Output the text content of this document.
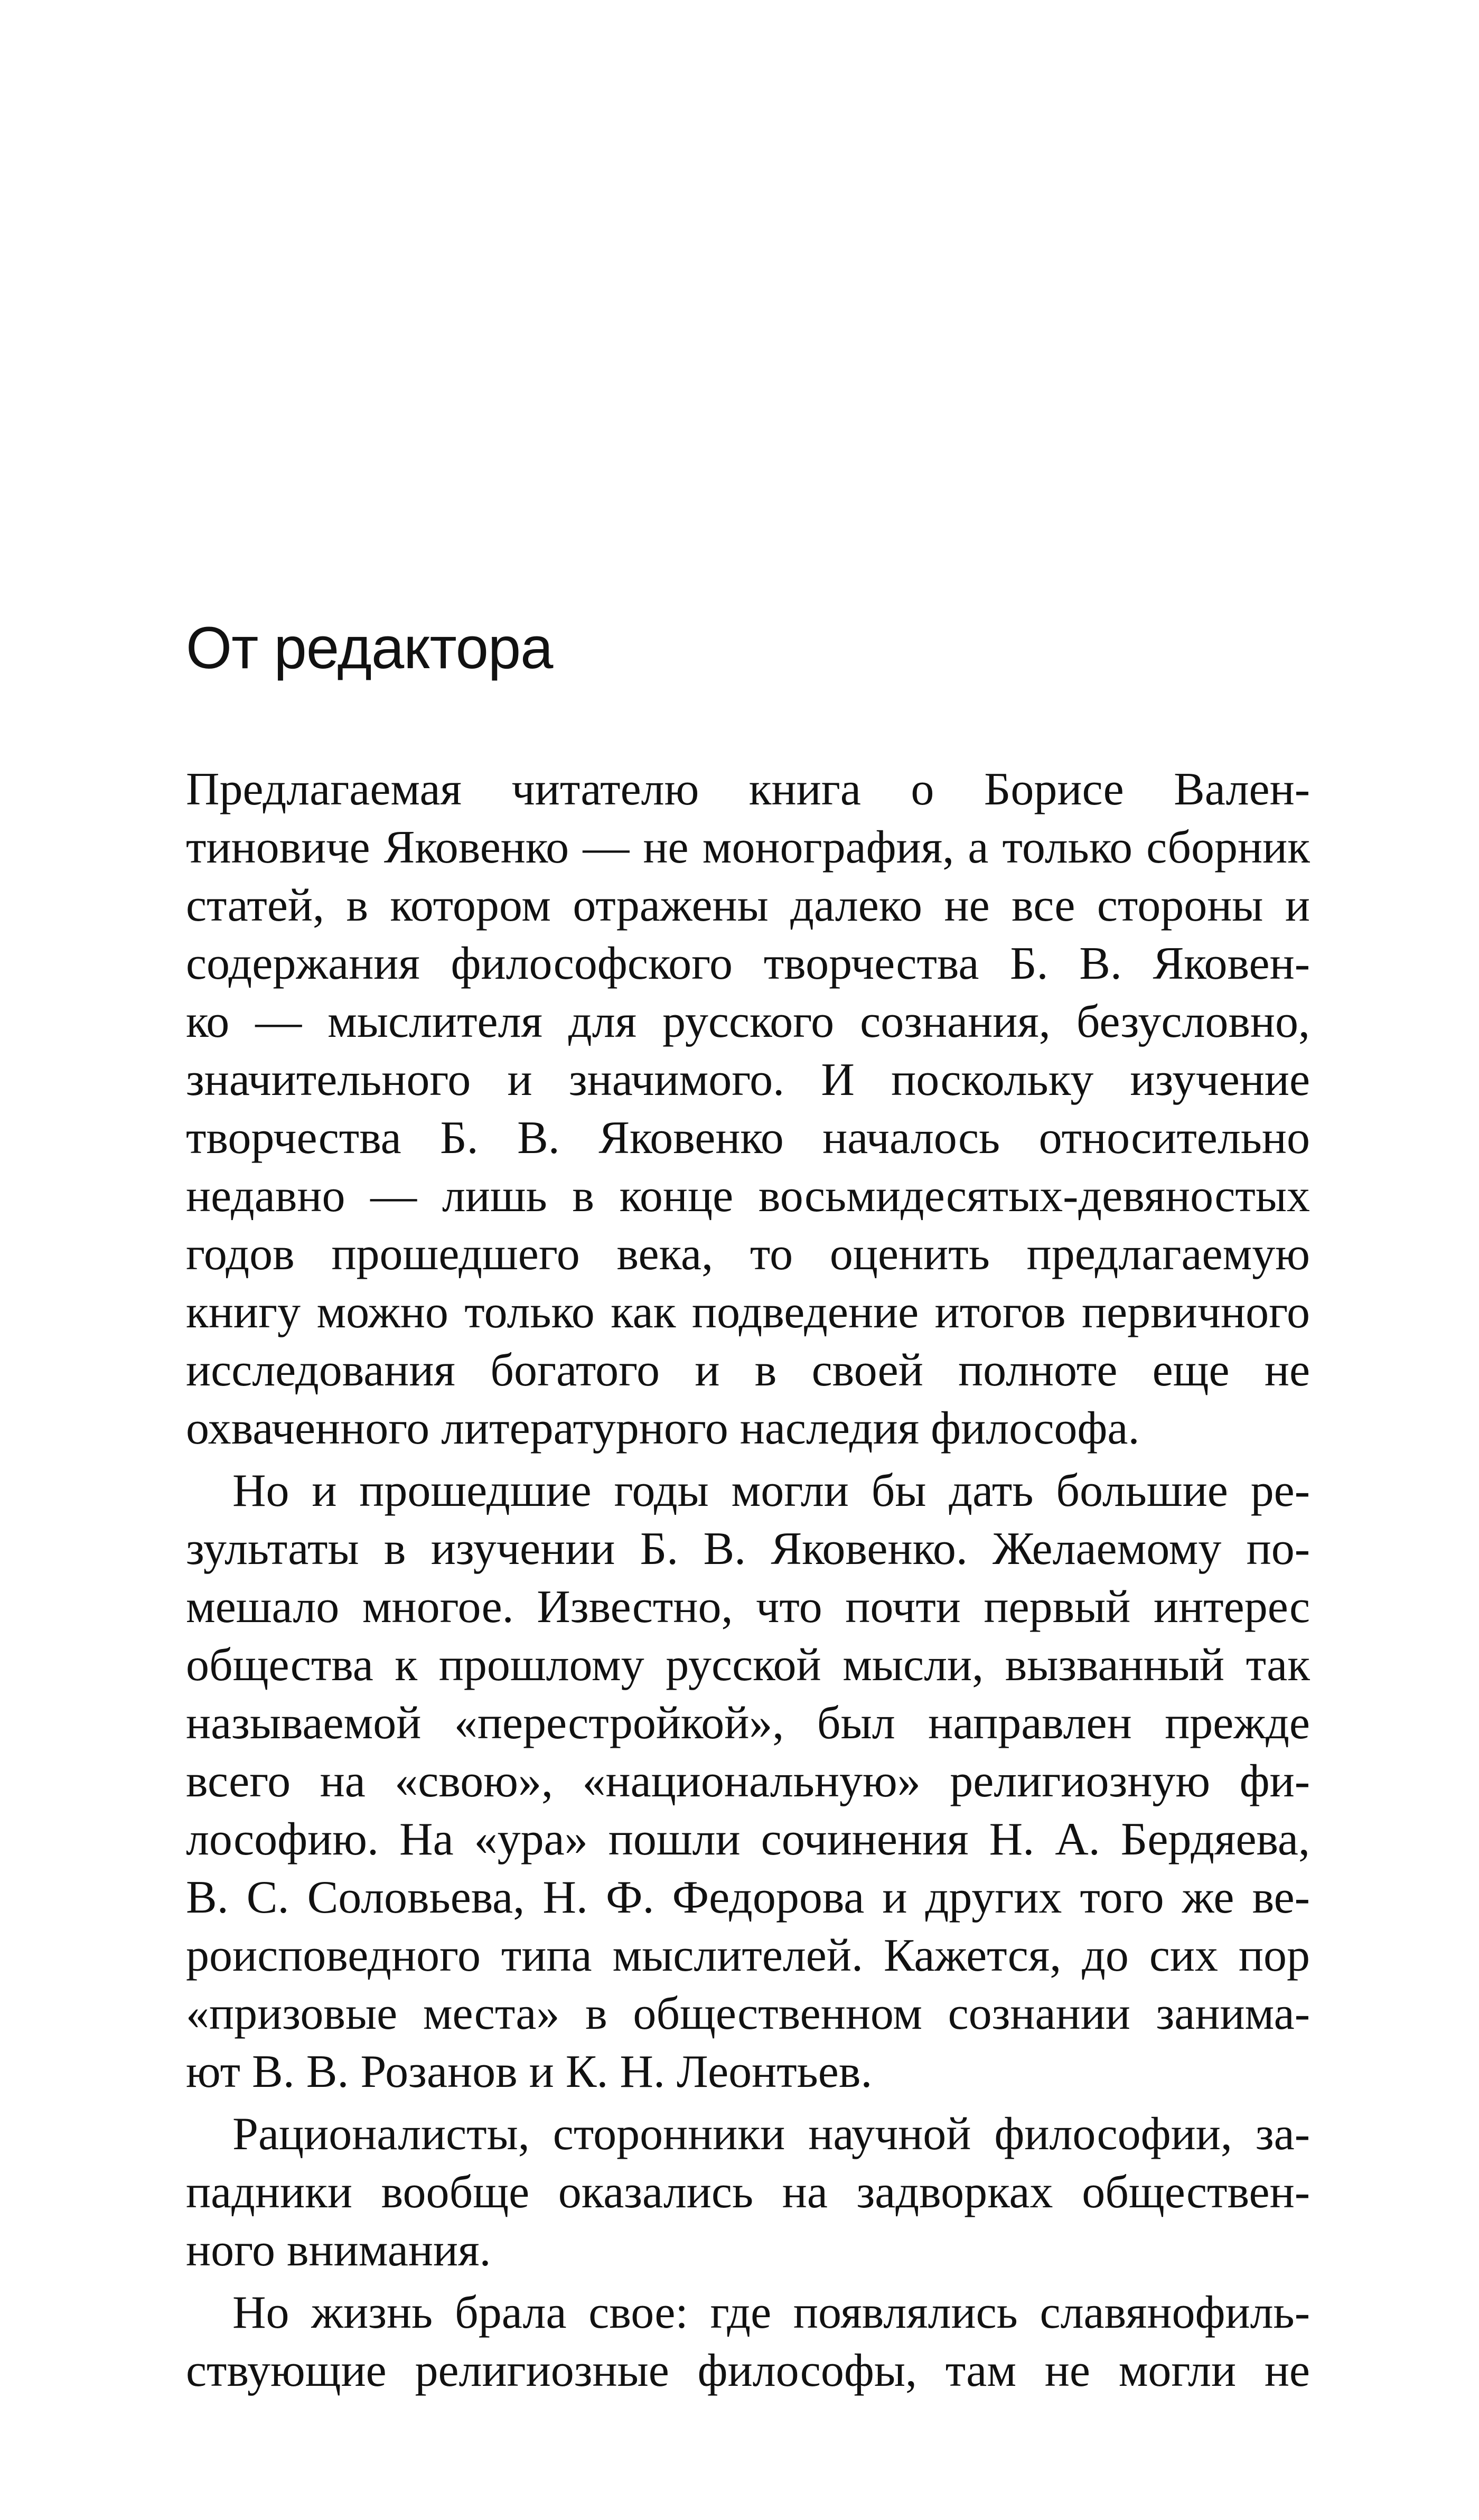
От редактора
Предлагаемая читателю книга о Борисе Вален-
тиновиче Яковенко — не монография, а только сборник
статей, в котором отражены далеко не все стороны и
содержания философского творчества Б. В. Яковен-
ко — мыслителя для русского сознания, безусловно,
значительного и значимого. И поскольку изучение
творчества Б. В. Яковенко началось относительно
недавно — лишь в конце восьмидесятых-девяностых
годов прошедшего века, то оценить предлагаемую
книгу можно только как подведение итогов первичного
исследования богатого и в своей полноте еще не
охваченного литературного наследия философа.
Но и прошедшие годы могли бы дать большие ре-
зультаты в изучении Б. В. Яковенко. Желаемому по-
мешало многое. Известно, что почти первый интерес
общества к прошлому русской мысли, вызванный так
называемой «перестройкой», был направлен прежде
всего на «свою», «национальную» религиозную фи-
лософию. На «ура» пошли сочинения Н. А. Бердяева,
В. С. Соловьева, Н. Ф. Федорова и других того же ве-
роисповедного типа мыслителей. Кажется, до сих пор
«призовые места» в общественном сознании занима-
ют В. В. Розанов и К. Н. Леонтьев.
Рационалисты, сторонники научной философии, за-
падники вообще оказались на задворках обществен-
ного внимания.
Но жизнь брала свое: где появлялись славянофиль-
ствующие религиозные философы, там не могли не
